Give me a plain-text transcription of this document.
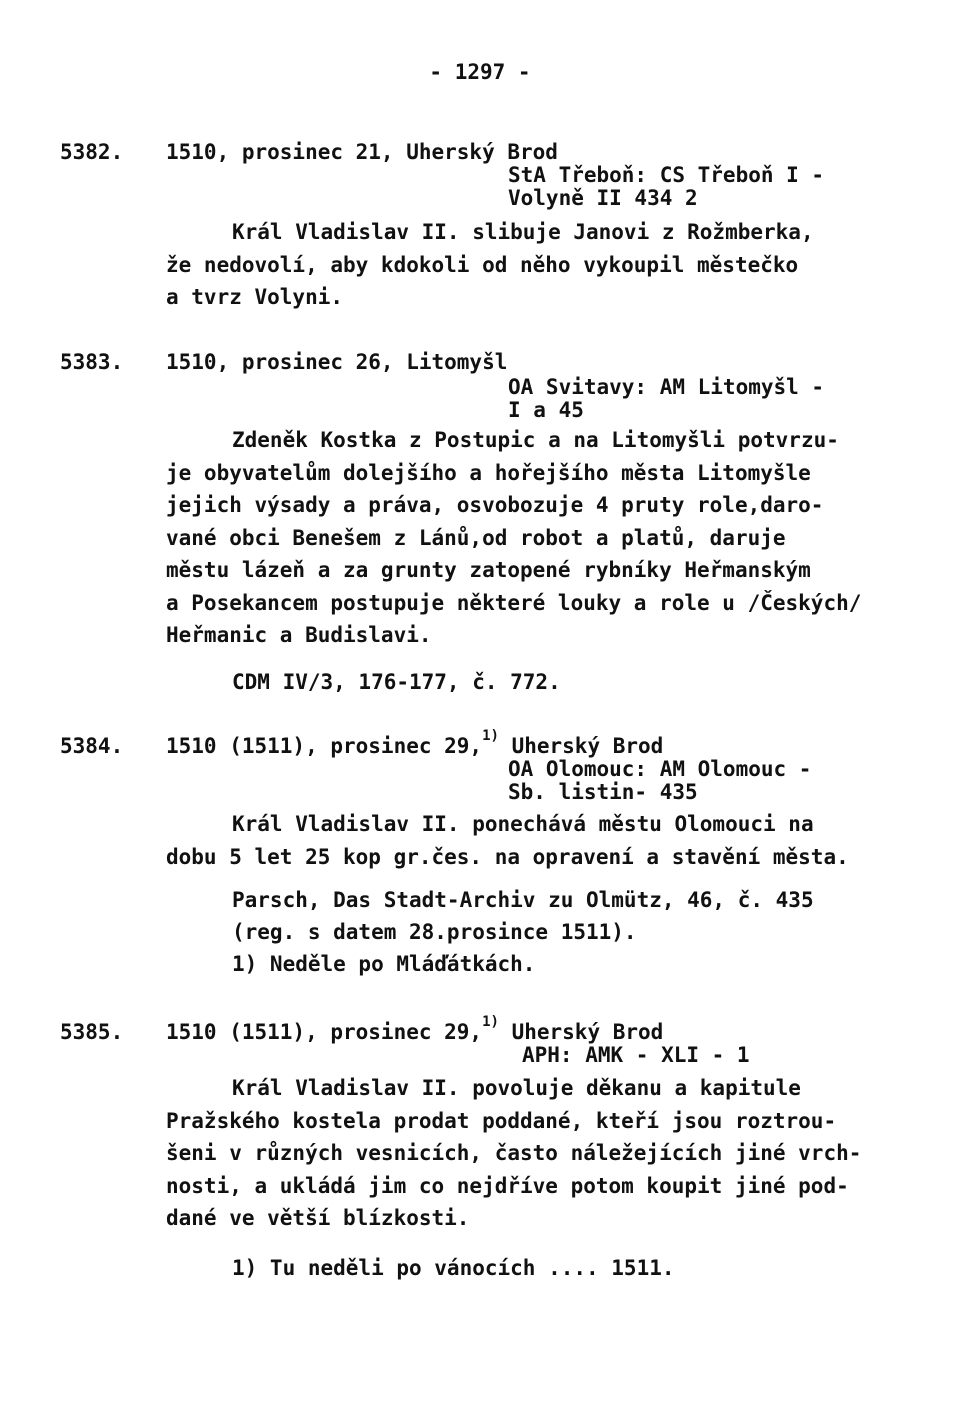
- 1297 -
5382. 1510, prosinec 21, Uherský Brod
StA Třeboň: CS Třeboň I -
Volyně II 434 2
Král Vladislav II. slibuje Janovi z Rožmberka,
že nedovolí, aby kdokoli od něho vykoupil městečko
a tvrz Volyni.
5383. 1510, prosinec 26, Litomyšl
OA Svitavy: AM Litomyšl -
I a 45
Zdeněk Kostka z Postupic a na Litomyšli potvrzu-
je obyvatelům dolejšího a hořejšího města Litomyšle
jejich výsady a práva, osvobozuje 4 pruty role,daro-
vané obci Benešem z Lánů,od robot a platů, daruje
městu lázeň a za grunty zatopené rybníky Heřmanským
a Posekancem postupuje některé louky a role u /Českých/
Heřmanic a Budislavi.
CDM IV/3, 176-177, č. 772.
5384. 1510 (1511), prosinec 29,$^{1)}$ Uherský Brod
OA Olomouc: AM Olomouc -
Sb. listin- 435
Král Vladislav II. ponechává městu Olomouci na
dobu 5 let 25 kop gr.čes. na opravení a stavění města.
Parsch, Das Stadt-Archiv zu Olmütz, 46, č. 435
(reg. s datem 28.prosince 1511).
1) Neděle po Mláďátkách.
5385. 1510 (1511), prosinec 29,$^{1)}$ Uherský Brod
APH: AMK - XLI - 1
Král Vladislav II. povoluje děkanu a kapitule
Pražského kostela prodat poddané, kteří jsou roztrou-
šeni v různých vesnicích, často náležejících jiné vrch-
nosti, a ukládá jim co nejdříve potom koupit jiné pod-
dané ve větší blízkosti.
1) Tu neděli po vánocích .... 1511.
